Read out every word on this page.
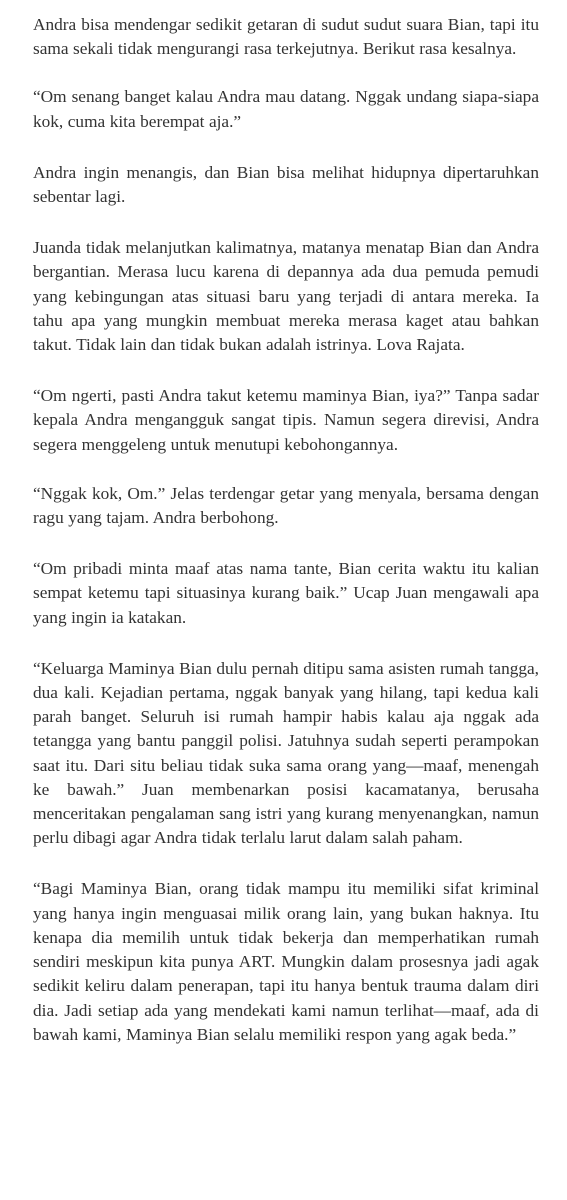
Andra bisa mendengar sedikit getaran di sudut sudut suara Bian, tapi itu sama sekali tidak mengurangi rasa terkejutnya. Berikut rasa kesalnya.

“Om senang banget kalau Andra mau datang. Nggak undang siapa-siapa kok, cuma kita berempat aja.”

Andra ingin menangis, dan Bian bisa melihat hidupnya dipertaruhkan sebentar lagi.

Juanda tidak melanjutkan kalimatnya, matanya menatap Bian dan Andra bergantian. Merasa lucu karena di depannya ada dua pemuda pemudi yang kebingungan atas situasi baru yang terjadi di antara mereka. Ia tahu apa yang mungkin membuat mereka merasa kaget atau bahkan takut. Tidak lain dan tidak bukan adalah istrinya. Lova Rajata.

“Om ngerti, pasti Andra takut ketemu maminya Bian, iya?” Tanpa sadar kepala Andra mengangguk sangat tipis. Namun segera direvisi, Andra segera menggeleng untuk menutupi kebohongannya.

“Nggak kok, Om.” Jelas terdengar getar yang menyala, bersama dengan ragu yang tajam. Andra berbohong.

“Om pribadi minta maaf atas nama tante, Bian cerita waktu itu kalian sempat ketemu tapi situasinya kurang baik.” Ucap Juan mengawali apa yang ingin ia katakan.

“Keluarga Maminya Bian dulu pernah ditipu sama asisten rumah tangga, dua kali. Kejadian pertama, nggak banyak yang hilang, tapi kedua kali parah banget. Seluruh isi rumah hampir habis kalau aja nggak ada tetangga yang bantu panggil polisi. Jatuhnya sudah seperti perampokan saat itu. Dari situ beliau tidak suka sama orang yang—maaf, menengah ke bawah.” Juan membenarkan posisi kacamatanya, berusaha menceritakan pengalaman sang istri yang kurang menyenangkan, namun perlu dibagi agar Andra tidak terlalu larut dalam salah paham.

“Bagi Maminya Bian, orang tidak mampu itu memiliki sifat kriminal yang hanya ingin menguasai milik orang lain, yang bukan haknya. Itu kenapa dia memilih untuk tidak bekerja dan memperhatikan rumah sendiri meskipun kita punya ART. Mungkin dalam prosesnya jadi agak sedikit keliru dalam penerapan, tapi itu hanya bentuk trauma dalam diri dia. Jadi setiap ada yang mendekati kami namun terlihat—maaf, ada di bawah kami, Maminya Bian selalu memiliki respon yang agak beda.”
